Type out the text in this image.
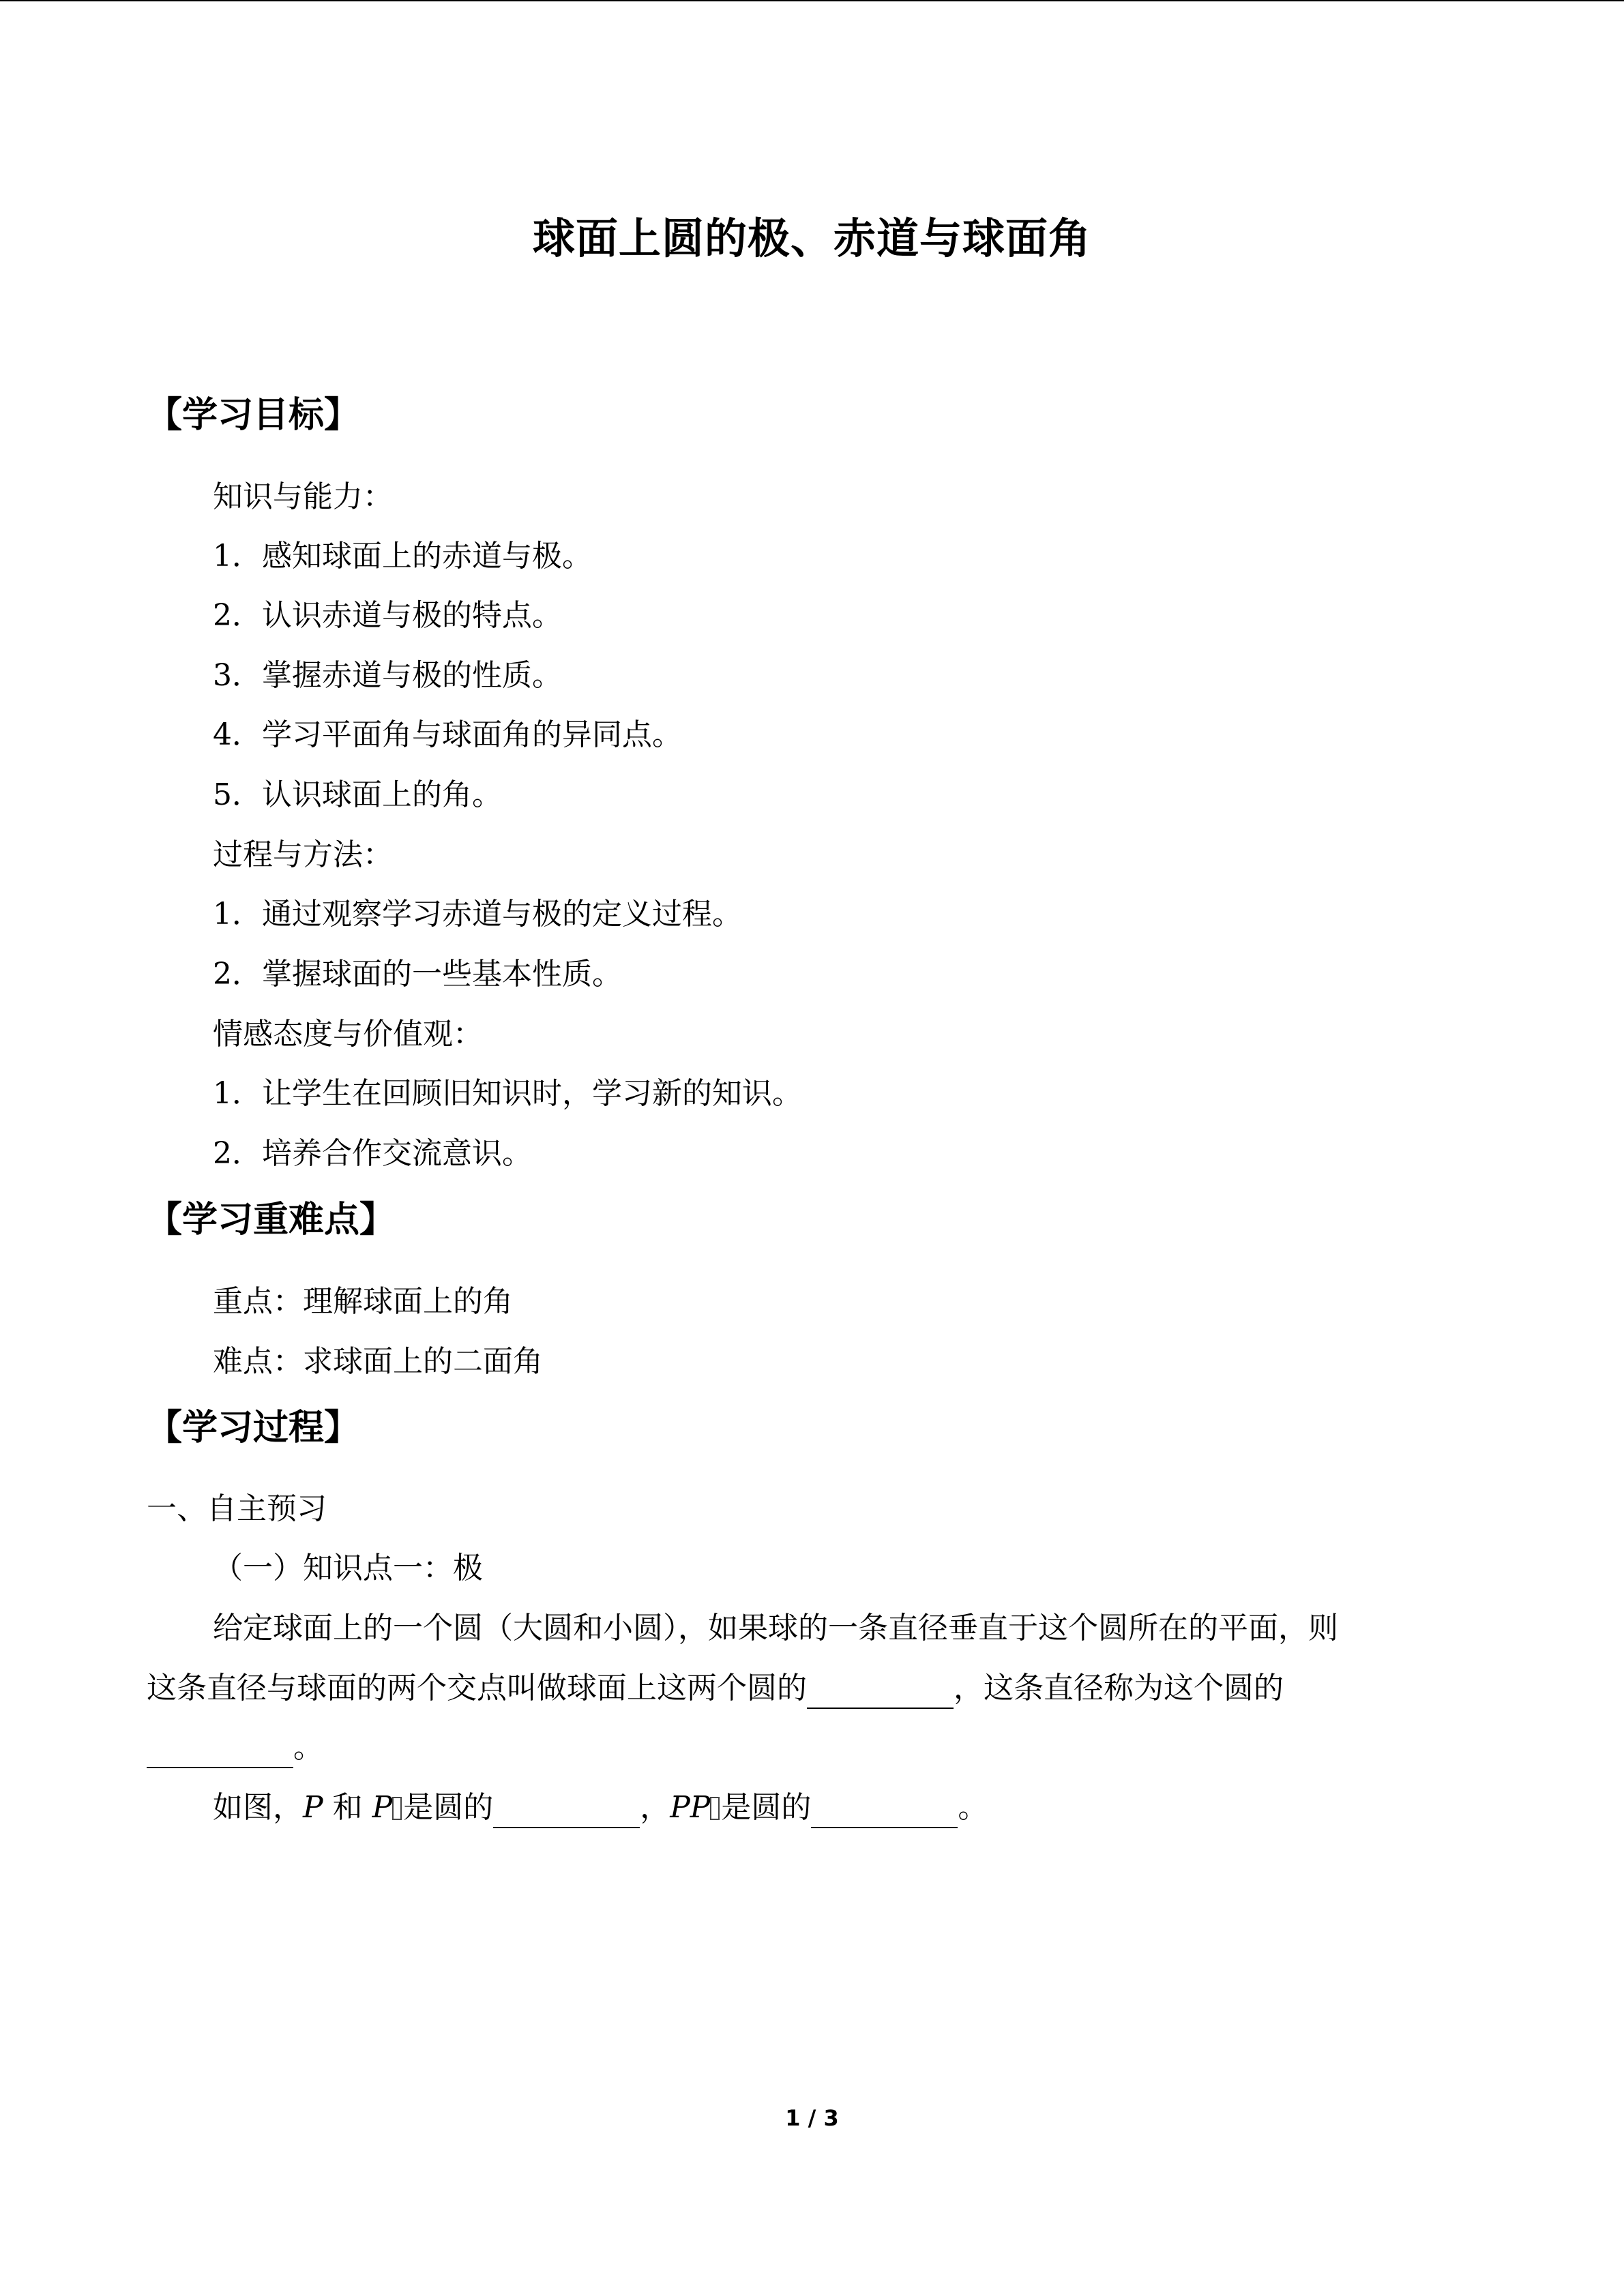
球面上圆的极、赤道与球面角
【学习目标】
知识与能力：
1．感知球面上的赤道与极。
2．认识赤道与极的特点。
3．掌握赤道与极的性质。
4．学习平面角与球面角的异同点。
5．认识球面上的角。
过程与方法：
1．通过观察学习赤道与极的定义过程。
2．掌握球面的一些基本性质。
情感态度与价值观：
1．让学生在回顾旧知识时，学习新的知识。
2．培养合作交流意识。
【学习重难点】
重点：理解球面上的角
难点：求球面上的二面角
【学习过程】
一、自主预习
（一）知识点一：极
给定球面上的一个圆（大圆和小圆），如果球的一条直径垂直于这个圆所在的平面，则
这条直径与球面的两个交点叫做球面上这两个圆的	，这条直径称为这个圆的
。
如图，P 和 P 是圆的	，PP 是圆的	。
1 / 3
